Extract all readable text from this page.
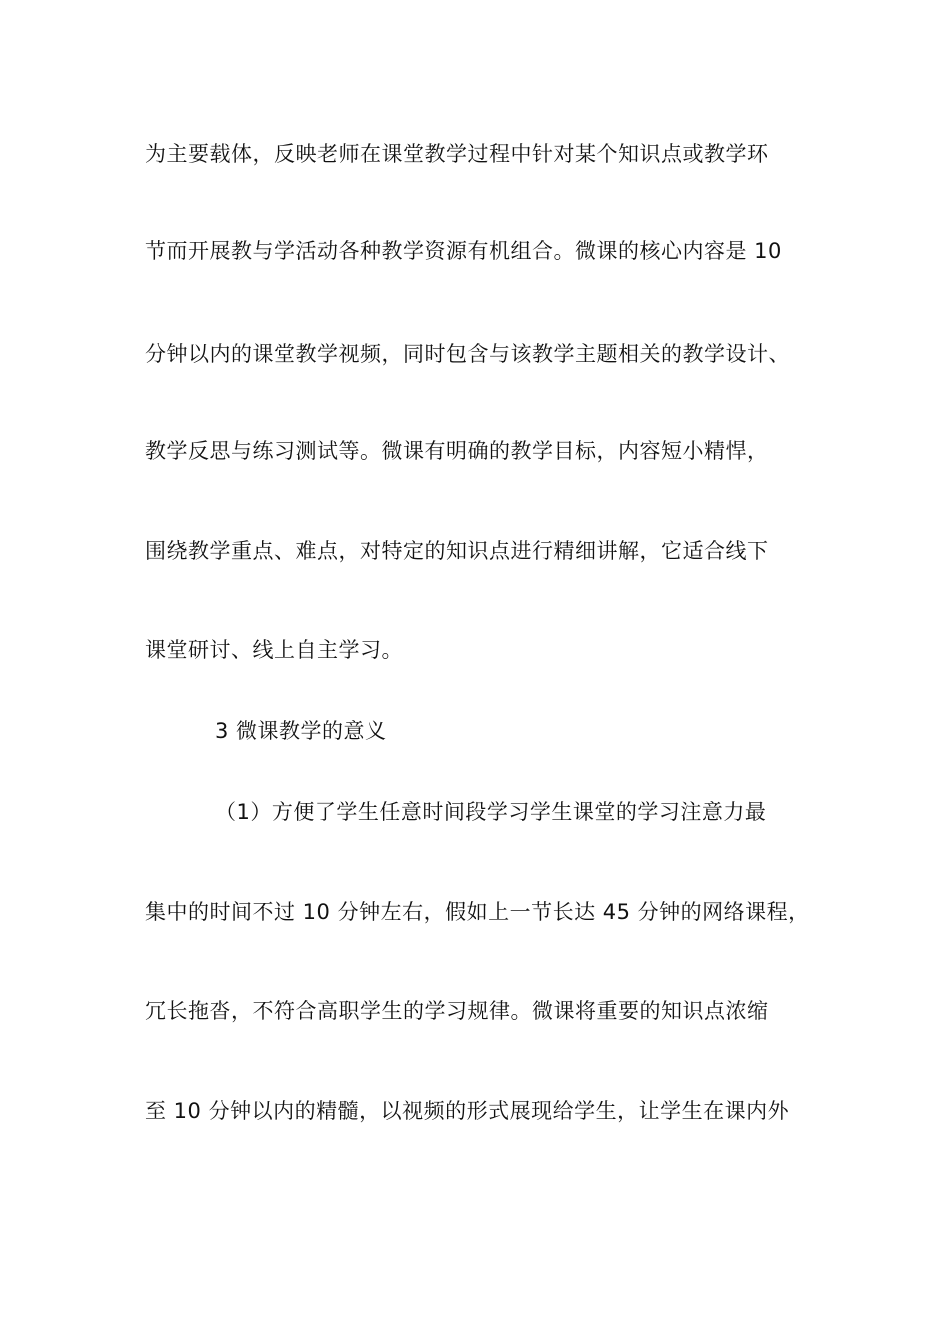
为主要载体，反映老师在课堂教学过程中针对某个知识点或教学环
节而开展教与学活动各种教学资源有机组合。微课的核心内容是 10
分钟以内的课堂教学视频，同时包含与该教学主题相关的教学设计、
教学反思与练习测试等。微课有明确的教学目标，内容短小精悍，
围绕教学重点、难点，对特定的知识点进行精细讲解，它适合线下
课堂研讨、线上自主学习。
3 微课教学的意义
（1）方便了学生任意时间段学习学生课堂的学习注意力最
集中的时间不过 10 分钟左右，假如上一节长达 45 分钟的网络课程，
冗长拖沓，不符合高职学生的学习规律。微课将重要的知识点浓缩
至 10 分钟以内的精髓，以视频的形式展现给学生，让学生在课内外
